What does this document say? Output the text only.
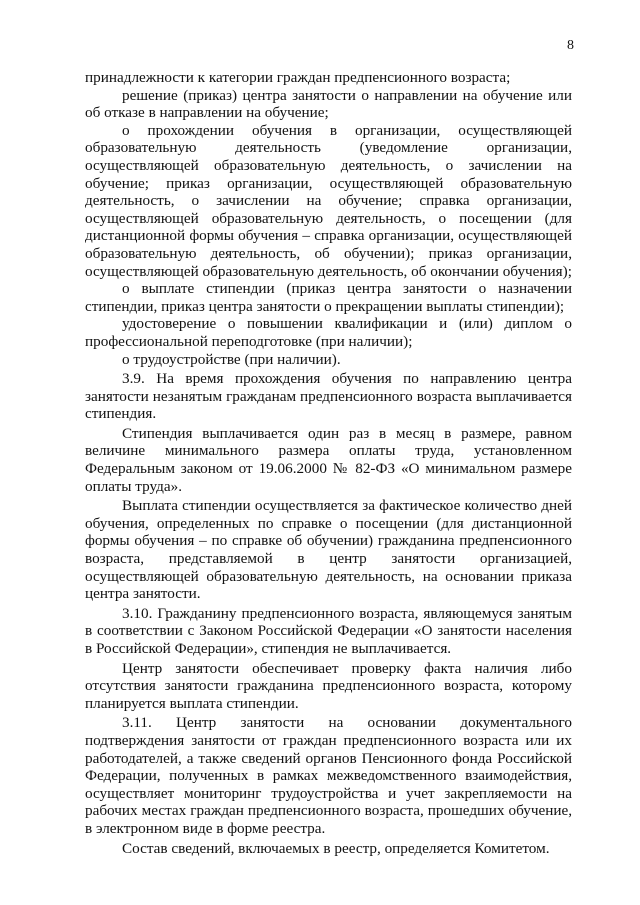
8

принадлежности к категории граждан предпенсионного возраста;

решение (приказ) центра занятости о направлении на обучение или об отказе в направлении на обучение;

о прохождении обучения в организации, осуществляющей образовательную деятельность (уведомление организации, осуществляющей образовательную деятельность, о зачислении на обучение; приказ организации, осуществляющей образовательную деятельность, о зачислении на обучение; справка организации, осуществляющей образовательную деятельность, о посещении (для дистанционной формы обучения – справка организации, осуществляющей образовательную деятельность, об обучении); приказ организации, осуществляющей образовательную деятельность, об окончании обучения);

о выплате стипендии (приказ центра занятости о назначении стипендии, приказ центра занятости о прекращении выплаты стипендии);

удостоверение о повышении квалификации и (или) диплом о профессиональной переподготовке (при наличии);

о трудоустройстве (при наличии).

3.9. На время прохождения обучения по направлению центра занятости незанятым гражданам предпенсионного возраста выплачивается стипендия.

Стипендия выплачивается один раз в месяц в размере, равном величине минимального размера оплаты труда, установленном Федеральным законом от 19.06.2000 № 82-ФЗ «О минимальном размере оплаты труда».

Выплата стипендии осуществляется за фактическое количество дней обучения, определенных по справке о посещении (для дистанционной формы обучения – по справке об обучении) гражданина предпенсионного возраста, представляемой в центр занятости организацией, осуществляющей образовательную деятельность, на основании приказа центра занятости.

3.10. Гражданину предпенсионного возраста, являющемуся занятым в соответствии с Законом Российской Федерации «О занятости населения в Российской Федерации», стипендия не выплачивается.

Центр занятости обеспечивает проверку факта наличия либо отсутствия занятости гражданина предпенсионного возраста, которому планируется выплата стипендии.

3.11. Центр занятости на основании документального подтверждения занятости от граждан предпенсионного возраста или их работодателей, а также сведений органов Пенсионного фонда Российской Федерации, полученных в рамках межведомственного взаимодействия, осуществляет мониторинг трудоустройства и учет закрепляемости на рабочих местах граждан предпенсионного возраста, прошедших обучение, в электронном виде в форме реестра.

Состав сведений, включаемых в реестр, определяется Комитетом.
